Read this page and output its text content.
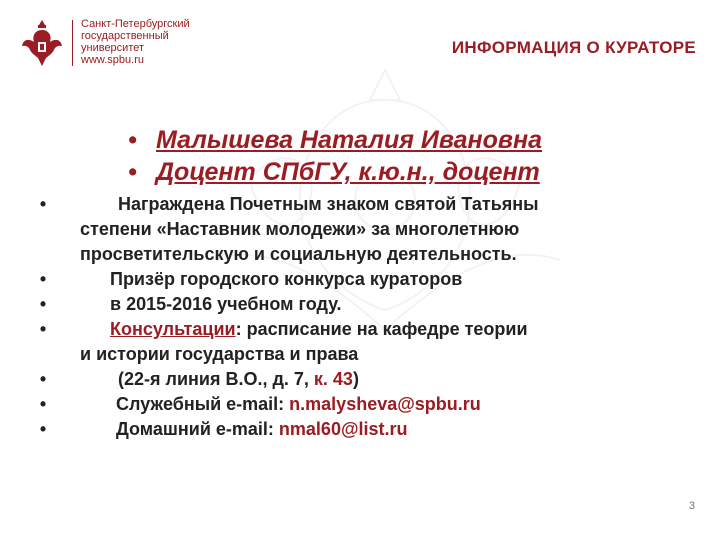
Санкт-Петербургский
государственный
университет
www.spbu.ru
ИНФОРМАЦИЯ О КУРАТОРЕ
• Малышева Наталия Ивановна
• Доцент СПбГУ, к.ю.н., доцент
•	Награждена Почетным знаком святой Татьяны
степени «Наставник молодежи» за многолетнюю
просветительскую и социальную деятельность.
•	Призёр городского конкурса кураторов
•	в 2015-2016 учебном году.
•	Консультации: расписание на кафедре теории
и истории государства и права
•	(22-я линия В.О., д. 7, к. 43)
•	Служебный e-mail: n.malysheva@spbu.ru
•	Домашний e-mail: nmal60@list.ru
3
